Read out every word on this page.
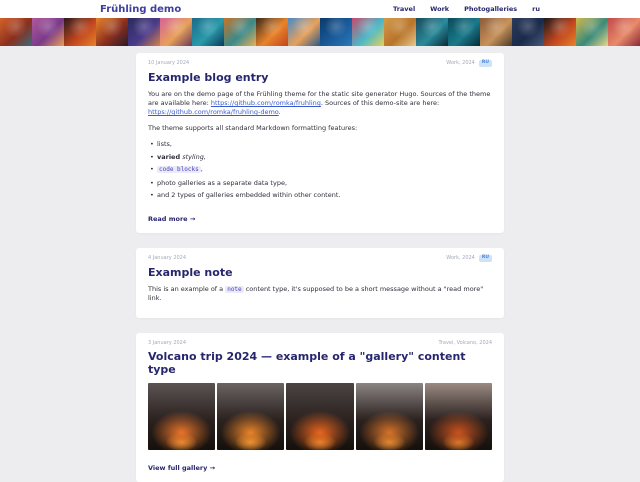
Frühling demo	Travel Work Photogalleries ru
10 January 2024	Work, 2024	RU
Example blog entry

You are on the demo page of the Frühling theme for the static site generator Hugo. Sources of the theme are available here: https://github.com/romka/fruhling. Sources of this demo-site are here: https://github.com/romka/fruhling-demo.

The theme supports all standard Markdown formatting features:

• lists,
• varied styling,
• code blocks ,
• photo galleries as a separate data type,
• and 2 types of galleries embedded within other content.
Read more →
4 January 2024	Work, 2024	RU
Example note

This is an example of a note content type, it's supposed to be a short message without a "read more" link.

3 January 2024	Travel, Volcano, 2024
Volcano trip 2024 — example of a "gallery" content type
View full gallery →
